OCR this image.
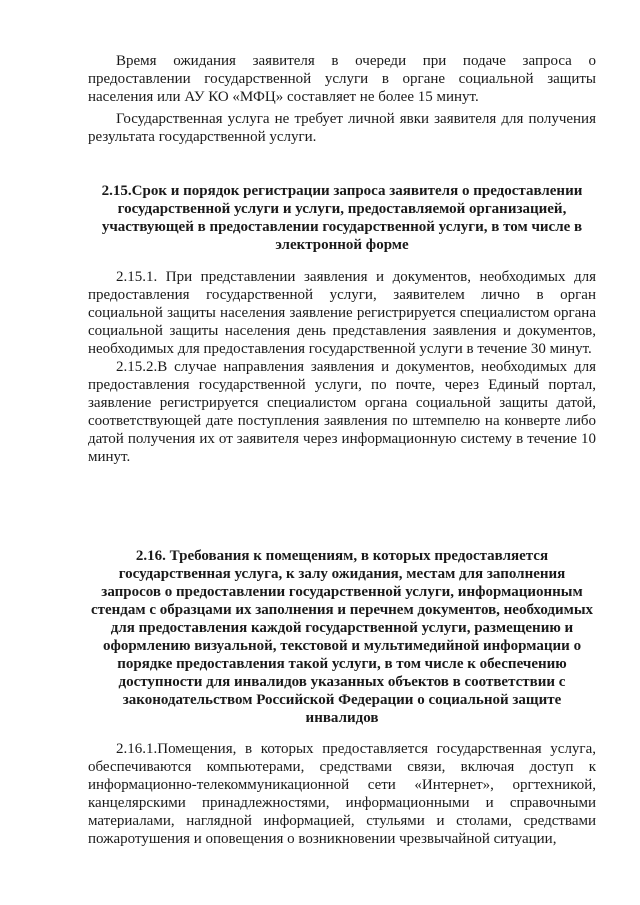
Время ожидания заявителя в очереди при подаче запроса о предоставлении государственной услуги в органе социальной защиты населения или АУ КО «МФЦ» составляет не более 15 минут.

Государственная услуга не требует личной явки заявителя для получения результата государственной услуги.

2.15.Срок и порядок регистрации запроса заявителя о предоставлении государственной услуги и услуги, предоставляемой организацией, участвующей в предоставлении государственной услуги, в том числе в электронной форме

2.15.1. При представлении заявления и документов, необходимых для предоставления государственной услуги, заявителем лично в орган социальной защиты населения заявление регистрируется специалистом органа социальной защиты населения день представления заявления и документов, необходимых для предоставления государственной услуги в течение 30 минут.

2.15.2.В случае направления заявления и документов, необходимых для предоставления государственной услуги, по почте, через Единый портал, заявление регистрируется специалистом органа социальной защиты датой, соответствующей дате поступления заявления по штемпелю на конверте либо датой получения их от заявителя через информационную систему в течение 10 минут.

2.16. Требования к помещениям, в которых предоставляется государственная услуга, к залу ожидания, местам для заполнения запросов о предоставлении государственной услуги, информационным стендам с образцами их заполнения и перечнем документов, необходимых для предоставления каждой государственной услуги, размещению и оформлению визуальной, текстовой и мультимедийной информации о порядке предоставления такой услуги, в том числе к обеспечению доступности для инвалидов указанных объектов в соответствии с законодательством Российской Федерации о социальной защите инвалидов

2.16.1.Помещения, в которых предоставляется государственная услуга, обеспечиваются компьютерами, средствами связи, включая доступ к информационно-телекоммуникационной сети «Интернет», оргтехникой, канцелярскими принадлежностями, информационными и справочными материалами, наглядной информацией, стульями и столами, средствами пожаротушения и оповещения о возникновении чрезвычайной ситуации,
